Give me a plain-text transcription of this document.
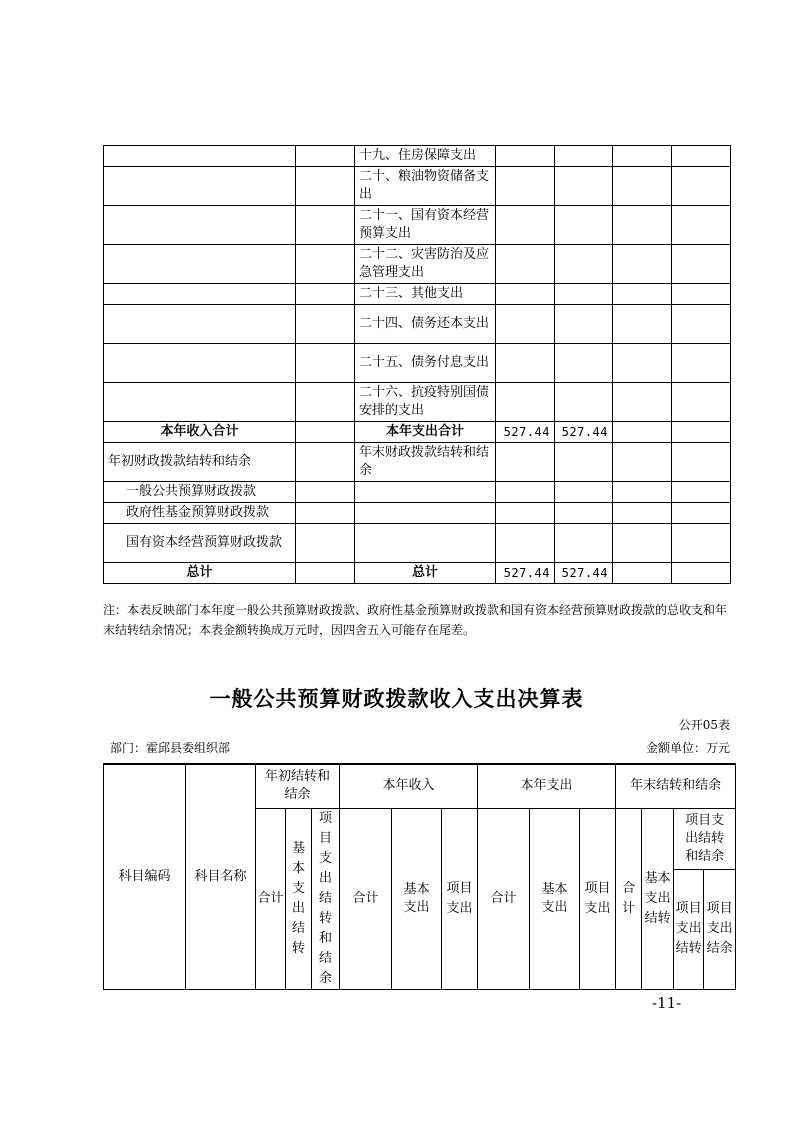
		十九、住房保障支出				
		二十、粮油物资储备支出				
		二十一、国有资本经营预算支出				
		二十二、灾害防治及应急管理支出				
		二十三、其他支出				
		二十四、债务还本支出				
		二十五、债务付息支出				
		二十六、抗疫特别国债安排的支出				
本年收入合计		本年支出合计	527.44	527.44		
年初财政拨款结转和结余		年末财政拨款结转和结余				
一般公共预算财政拨款						
政府性基金预算财政拨款						
国有资本经营预算财政拨款						
总计		总计	527.44	527.44		
注：本表反映部门本年度一般公共预算财政拨款、政府性基金预算财政拨款和国有资本经营预算财政拨款的总收支和年末结转结余情况；本表金额转换成万元时，因四舍五入可能存在尾差。
一般公共预算财政拨款收入支出决算表
公开05表
部门：霍邱县委组织部	金额单位：万元
科目编码	科目名称	年初结转和结余			本年收入			本年支出			年末结转和结余			
		合计	基本支出结转	项目支出结转和结余	合计	基本支出	项目支出	合计	基本支出	项目支出	合计	基本支出结转	项目支出结转和结余	
													项目支出结转	项目支出结余
-11-
